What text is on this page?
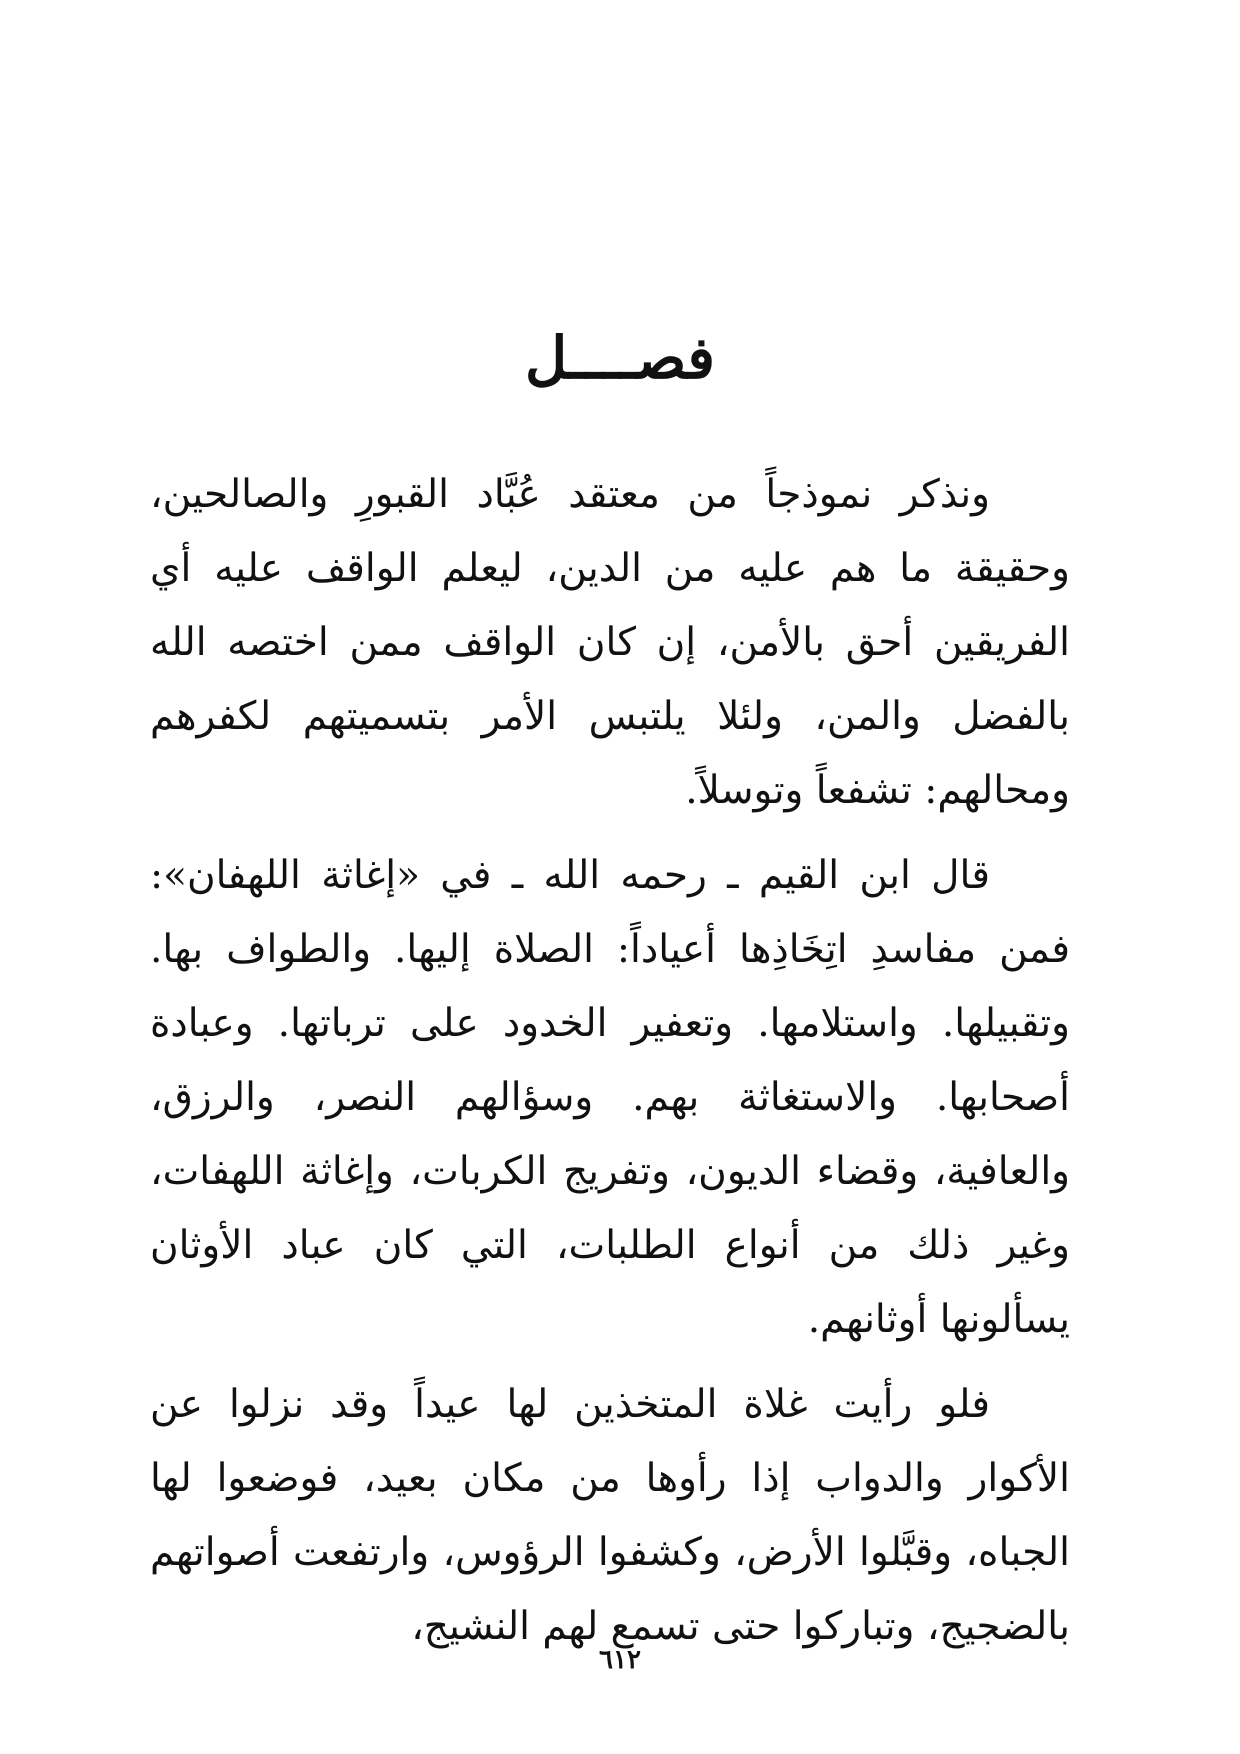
فصــــل

ونذكر نموذجاً من معتقد عُبَّاد القبورِ والصالحين، وحقيقة ما هم عليه من الدين، ليعلم الواقف عليه أي الفريقين أحق بالأمن، إن كان الواقف ممن اختصه الله بالفضل والمن، ولئلا يلتبس الأمر بتسميتهم لكفرهم ومحالهم: تشفعاً وتوسلاً.

قال ابن القيم ـ رحمه الله ـ في «إغاثة اللهفان»: فمن مفاسدِ اتِخَاذِها أعياداً: الصلاة إليها. والطواف بها. وتقبيلها. واستلامها. وتعفير الخدود على ترباتها. وعبادة أصحابها. والاستغاثة بهم. وسؤالهم النصر، والرزق، والعافية، وقضاء الديون، وتفريج الكربات، وإغاثة اللهفات، وغير ذلك من أنواع الطلبات، التي كان عباد الأوثان يسألونها أوثانهم.

فلو رأيت غلاة المتخذين لها عيداً وقد نزلوا عن الأكوار والدواب إذا رأوها من مكان بعيد، فوضعوا لها الجباه، وقبَّلوا الأرض، وكشفوا الرؤوس، وارتفعت أصواتهم بالضجيج، وتباركوا حتى تسمع لهم النشيج،

٦١٢
